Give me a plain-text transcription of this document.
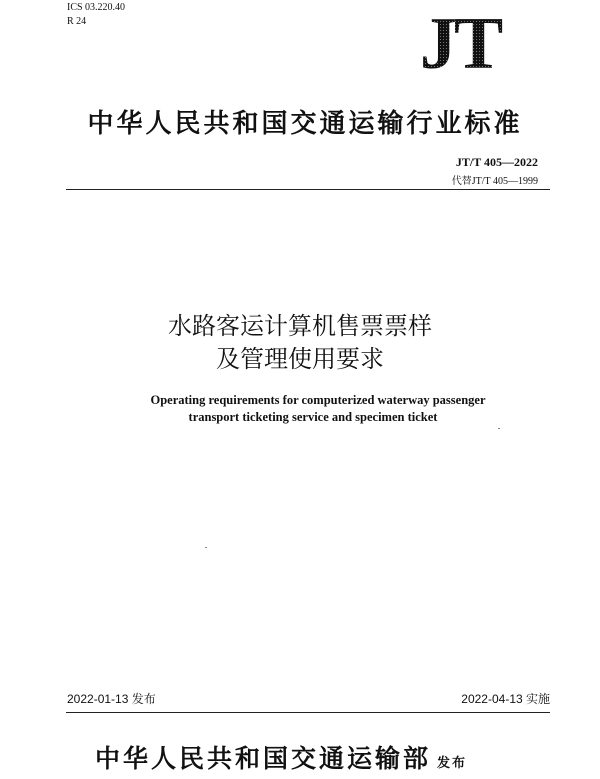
ICS 03.220.40
R 24	JT
中华人民共和国交通运输行业标准
JT/T 405—2022
代替JT/T 405—1999
水路客运计算机售票票样
及管理使用要求
Operating requirements for computerized waterway passenger
transport ticketing service and specimen ticket
2022-01-13 发布	2022-04-13 实施
中华人民共和国交通运输部 发布
